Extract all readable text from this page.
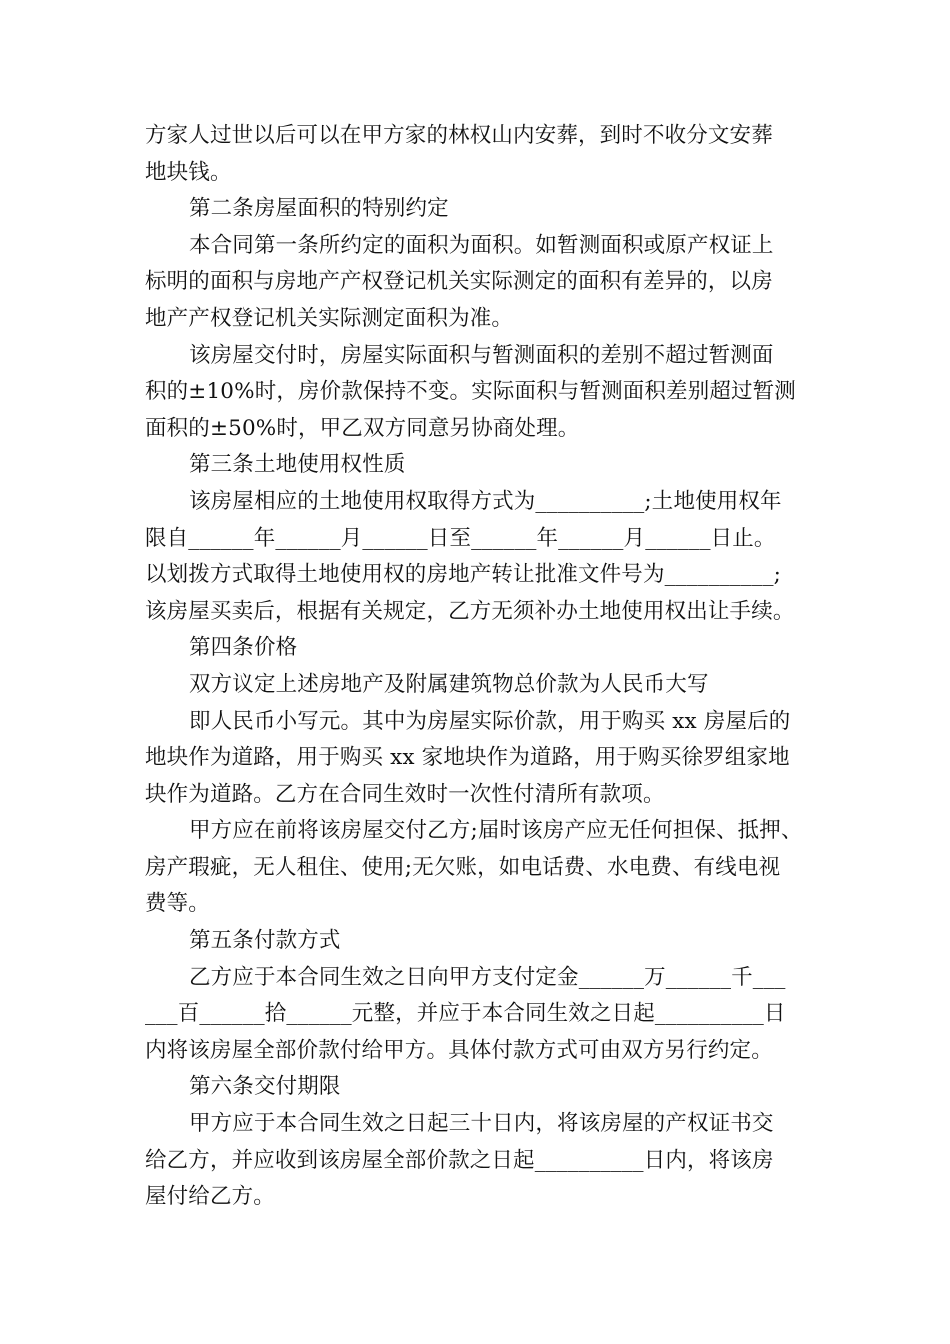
方家人过世以后可以在甲方家的林权山内安葬，到时不收分文安葬
地块钱。
第二条房屋面积的特别约定
本合同第一条所约定的面积为面积。如暂测面积或原产权证上
标明的面积与房地产产权登记机关实际测定的面积有差异的，以房
地产产权登记机关实际测定面积为准。
该房屋交付时，房屋实际面积与暂测面积的差别不超过暂测面
积的±10%时，房价款保持不变。实际面积与暂测面积差别超过暂测
面积的±50%时，甲乙双方同意另协商处理。
第三条土地使用权性质
该房屋相应的土地使用权取得方式为__________;土地使用权年
限自______年______月______日至______年______月______日止。
以划拨方式取得土地使用权的房地产转让批准文件号为__________;
该房屋买卖后，根据有关规定，乙方无须补办土地使用权出让手续。
第四条价格
双方议定上述房地产及附属建筑物总价款为人民币大写
即人民币小写元。其中为房屋实际价款，用于购买 xx 房屋后的
地块作为道路，用于购买 xx 家地块作为道路，用于购买徐罗组家地
块作为道路。乙方在合同生效时一次性付清所有款项。
甲方应在前将该房屋交付乙方;届时该房产应无任何担保、抵押、
房产瑕疵，无人租住、使用;无欠账，如电话费、水电费、有线电视
费等。
第五条付款方式
乙方应于本合同生效之日向甲方支付定金______万______千___
___百______拾______元整，并应于本合同生效之日起__________日
内将该房屋全部价款付给甲方。具体付款方式可由双方另行约定。
第六条交付期限
甲方应于本合同生效之日起三十日内，将该房屋的产权证书交
给乙方，并应收到该房屋全部价款之日起__________日内，将该房
屋付给乙方。
